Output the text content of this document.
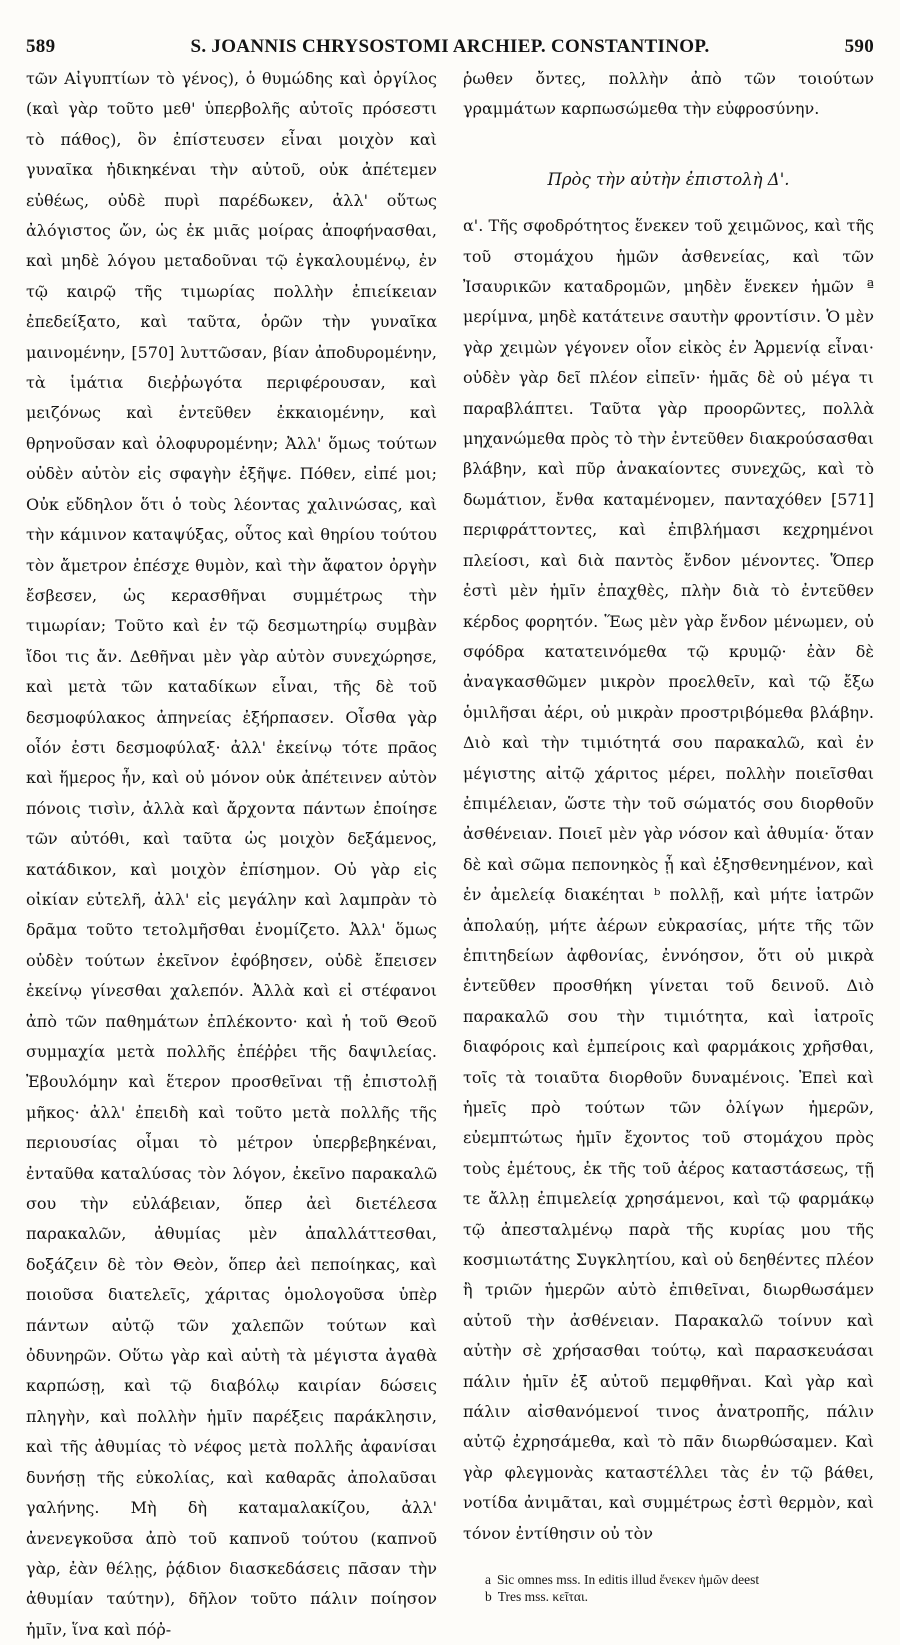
589	S. JOANNIS CHRYSOSTOMI ARCHIEP. CONSTANTINOP.	590

τῶν Αἰγυπτίων τὸ γένος), ὁ θυμώδης καὶ ὀργίλος (καὶ γὰρ τοῦτο μεθ' ὑπερβολῆς αὐτοῖς πρόσεστι τὸ πάθος), ὃν ἐπίστευσεν εἶναι μοιχὸν καὶ γυναῖκα ἠδικηκέναι τὴν αὐτοῦ, οὐκ ἀπέτεμεν εὐθέως, οὐδὲ πυρὶ παρέδωκεν, ἀλλ' οὕτως ἀλόγιστος ὤν, ὡς ἐκ μιᾶς μοίρας ἀποφήνασθαι, καὶ μηδὲ λόγου μεταδοῦναι τῷ ἐγκαλουμένῳ, ἐν τῷ καιρῷ τῆς τιμωρίας πολλὴν ἐπιείκειαν ἐπεδείξατο, καὶ ταῦτα, ὁρῶν τὴν γυναῖκα μαινομένην, [570] λυττῶσαν, βίαν ἀποδυρομένην, τὰ ἱμάτια διεῤῥωγότα περιφέρουσαν, καὶ μειζόνως καὶ ἐντεῦθεν ἐκκαιομένην, καὶ θρηνοῦσαν καὶ ὀλοφυρομένην; Ἀλλ' ὅμως τούτων οὐδὲν αὐτὸν εἰς σφαγὴν ἐξῆψε. Πόθεν, εἰπέ μοι; Οὐκ εὔδηλον ὅτι ὁ τοὺς λέοντας χαλινώσας, καὶ τὴν κάμινον καταψύξας, οὗτος καὶ θηρίου τούτου τὸν ἄμετρον ἐπέσχε θυμὸν, καὶ τὴν ἄφατον ὀργὴν ἔσβεσεν, ὡς κερασθῆναι συμμέτρως τὴν τιμωρίαν; Τοῦτο καὶ ἐν τῷ δεσμωτηρίῳ συμβὰν ἴδοι τις ἄν. Δεθῆναι μὲν γὰρ αὐτὸν συνεχώρησε, καὶ μετὰ τῶν καταδίκων εἶναι, τῆς δὲ τοῦ δεσμοφύλακος ἀπηνείας ἐξήρπασεν. Οἶσθα γὰρ οἷόν ἐστι δεσμοφύλαξ· ἀλλ' ἐκείνῳ τότε πρᾶος καὶ ἥμερος ἦν, καὶ οὐ μόνον οὐκ ἀπέτεινεν αὐτὸν πόνοις τισὶν, ἀλλὰ καὶ ἄρχοντα πάντων ἐποίησε τῶν αὐτόθι, καὶ ταῦτα ὡς μοιχὸν δεξάμενος, κατάδικον, καὶ μοιχὸν ἐπίσημον. Οὐ γὰρ εἰς οἰκίαν εὐτελῆ, ἀλλ' εἰς μεγάλην καὶ λαμπρὰν τὸ δρᾶμα τοῦτο τετολμῆσθαι ἐνομίζετο. Ἀλλ' ὅμως οὐδὲν τούτων ἐκεῖνον ἐφόβησεν, οὐδὲ ἔπεισεν ἐκείνῳ γίνεσθαι χαλεπόν. Ἀλλὰ καὶ εἰ στέφανοι ἀπὸ τῶν παθημάτων ἐπλέκοντο· καὶ ἡ τοῦ Θεοῦ συμμαχία μετὰ πολλῆς ἐπέῤῥει τῆς δαψιλείας. Ἐβουλόμην καὶ ἕτερον προσθεῖναι τῇ ἐπιστολῇ μῆκος· ἀλλ' ἐπειδὴ καὶ τοῦτο μετὰ πολλῆς τῆς περιουσίας οἶμαι τὸ μέτρον ὑπερβεβηκέναι, ἐνταῦθα καταλύσας τὸν λόγον, ἐκεῖνο παρακαλῶ σου τὴν εὐλάβειαν, ὅπερ ἀεὶ διετέλεσα παρακαλῶν, ἀθυμίας μὲν ἀπαλλάττεσθαι, δοξάζειν δὲ τὸν Θεὸν, ὅπερ ἀεὶ πεποίηκας, καὶ ποιοῦσα διατελεῖς, χάριτας ὁμολογοῦσα ὑπὲρ πάντων αὐτῷ τῶν χαλεπῶν τούτων καὶ ὀδυνηρῶν. Οὕτω γὰρ καὶ αὐτὴ τὰ μέγιστα ἀγαθὰ καρπώσῃ, καὶ τῷ διαβόλῳ καιρίαν δώσεις πληγὴν, καὶ πολλὴν ἡμῖν παρέξεις παράκλησιν, καὶ τῆς ἀθυμίας τὸ νέφος μετὰ πολλῆς ἀφανίσαι δυνήσῃ τῆς εὐκολίας, καὶ καθαρᾶς ἀπολαῦσαι γαλήνης. Μὴ δὴ καταμαλακίζου, ἀλλ' ἀνενεγκοῦσα ἀπὸ τοῦ καπνοῦ τούτου (καπνοῦ γὰρ, ἐὰν θέλῃς, ῥᾴδιον διασκεδάσεις πᾶσαν τὴν ἀθυμίαν ταύτην), δῆλον τοῦτο πάλιν ποίησον ἡμῖν, ἵνα καὶ πόῤ-

ῥωθεν ὄντες, πολλὴν ἀπὸ τῶν τοιούτων γραμμάτων καρπωσώμεθα τὴν εὐφροσύνην.

Πρὸς τὴν αὐτὴν ἐπιστολὴ Δ'.

α'. Τῆς σφοδρότητος ἕνεκεν τοῦ χειμῶνος, καὶ τῆς τοῦ στομάχου ἡμῶν ἀσθενείας, καὶ τῶν Ἰσαυρικῶν καταδρομῶν, μηδὲν ἕνεκεν ἡμῶν ª μερίμνα, μηδὲ κατάτεινε σαυτὴν φροντίσιν. Ὁ μὲν γὰρ χειμὼν γέγονεν οἷον εἰκὸς ἐν Ἀρμενίᾳ εἶναι· οὐδὲν γὰρ δεῖ πλέον εἰπεῖν· ἡμᾶς δὲ οὐ μέγα τι παραβλάπτει. Ταῦτα γὰρ προορῶντες, πολλὰ μηχανώμεθα πρὸς τὸ τὴν ἐντεῦθεν διακρούσασθαι βλάβην, καὶ πῦρ ἀνακαίοντες συνεχῶς, καὶ τὸ δωμάτιον, ἔνθα καταμένομεν, πανταχόθεν [571] περιφράττοντες, καὶ ἐπιβλήμασι κεχρημένοι πλείοσι, καὶ διὰ παντὸς ἔνδον μένοντες. Ὅπερ ἐστὶ μὲν ἡμῖν ἐπαχθὲς, πλὴν διὰ τὸ ἐντεῦθεν κέρδος φορητόν. Ἕως μὲν γὰρ ἔνδον μένωμεν, οὐ σφόδρα κατατεινόμεθα τῷ κρυμῷ· ἐὰν δὲ ἀναγκασθῶμεν μικρὸν προελθεῖν, καὶ τῷ ἔξω ὁμιλῆσαι ἀέρι, οὐ μικρὰν προστριβόμεθα βλάβην. Διὸ καὶ τὴν τιμιότητά σου παρακαλῶ, καὶ ἐν μέγιστης αἰτῷ χάριτος μέρει, πολλὴν ποιεῖσθαι ἐπιμέλειαν, ὥστε τὴν τοῦ σώματός σου διορθοῦν ἀσθένειαν. Ποιεῖ μὲν γὰρ νόσον καὶ ἀθυμία· ὅταν δὲ καὶ σῶμα πεπονηκὸς ᾖ καὶ ἐξησθενημένον, καὶ ἐν ἀμελείᾳ διακέηται ᵇ πολλῇ, καὶ μήτε ἰατρῶν ἀπολαύῃ, μήτε ἀέρων εὐκρασίας, μήτε τῆς τῶν ἐπιτηδείων ἀφθονίας, ἐννόησον, ὅτι οὐ μικρὰ ἐντεῦθεν προσθήκη γίνεται τοῦ δεινοῦ. Διὸ παρακαλῶ σου τὴν τιμιότητα, καὶ ἰατροῖς διαφόροις καὶ ἐμπείροις καὶ φαρμάκοις χρῆσθαι, τοῖς τὰ τοιαῦτα διορθοῦν δυναμένοις. Ἐπεὶ καὶ ἡμεῖς πρὸ τούτων τῶν ὀλίγων ἡμερῶν, εὐεμπτώτως ἡμῖν ἔχοντος τοῦ στομάχου πρὸς τοὺς ἐμέτους, ἐκ τῆς τοῦ ἀέρος καταστάσεως, τῇ τε ἄλλῃ ἐπιμελείᾳ χρησάμενοι, καὶ τῷ φαρμάκῳ τῷ ἀπεσταλμένῳ παρὰ τῆς κυρίας μου τῆς κοσμιωτάτης Συγκλητίου, καὶ οὐ δεηθέντες πλέον ἢ τριῶν ἡμερῶν αὐτὸ ἐπιθεῖναι, διωρθωσάμεν αὐτοῦ τὴν ἀσθένειαν. Παρακαλῶ τοίνυν καὶ αὐτὴν σὲ χρήσασθαι τούτῳ, καὶ παρασκευάσαι πάλιν ἡμῖν ἐξ αὐτοῦ πεμφθῆναι. Καὶ γὰρ καὶ πάλιν αἰσθανόμενοί τινος ἀνατροπῆς, πάλιν αὐτῷ ἐχρησάμεθα, καὶ τὸ πᾶν διωρθώσαμεν. Καὶ γὰρ φλεγμονὰς καταστέλλει τὰς ἐν τῷ βάθει, νοτίδα ἀνιμᾶται, καὶ συμμέτρως ἐστὶ θερμὸν, καὶ τόνον ἐντίθησιν οὐ τὸν

a Sic omnes mss. In editis illud ἕνεκεν ἡμῶν deest
b Tres mss. κεῖται.
